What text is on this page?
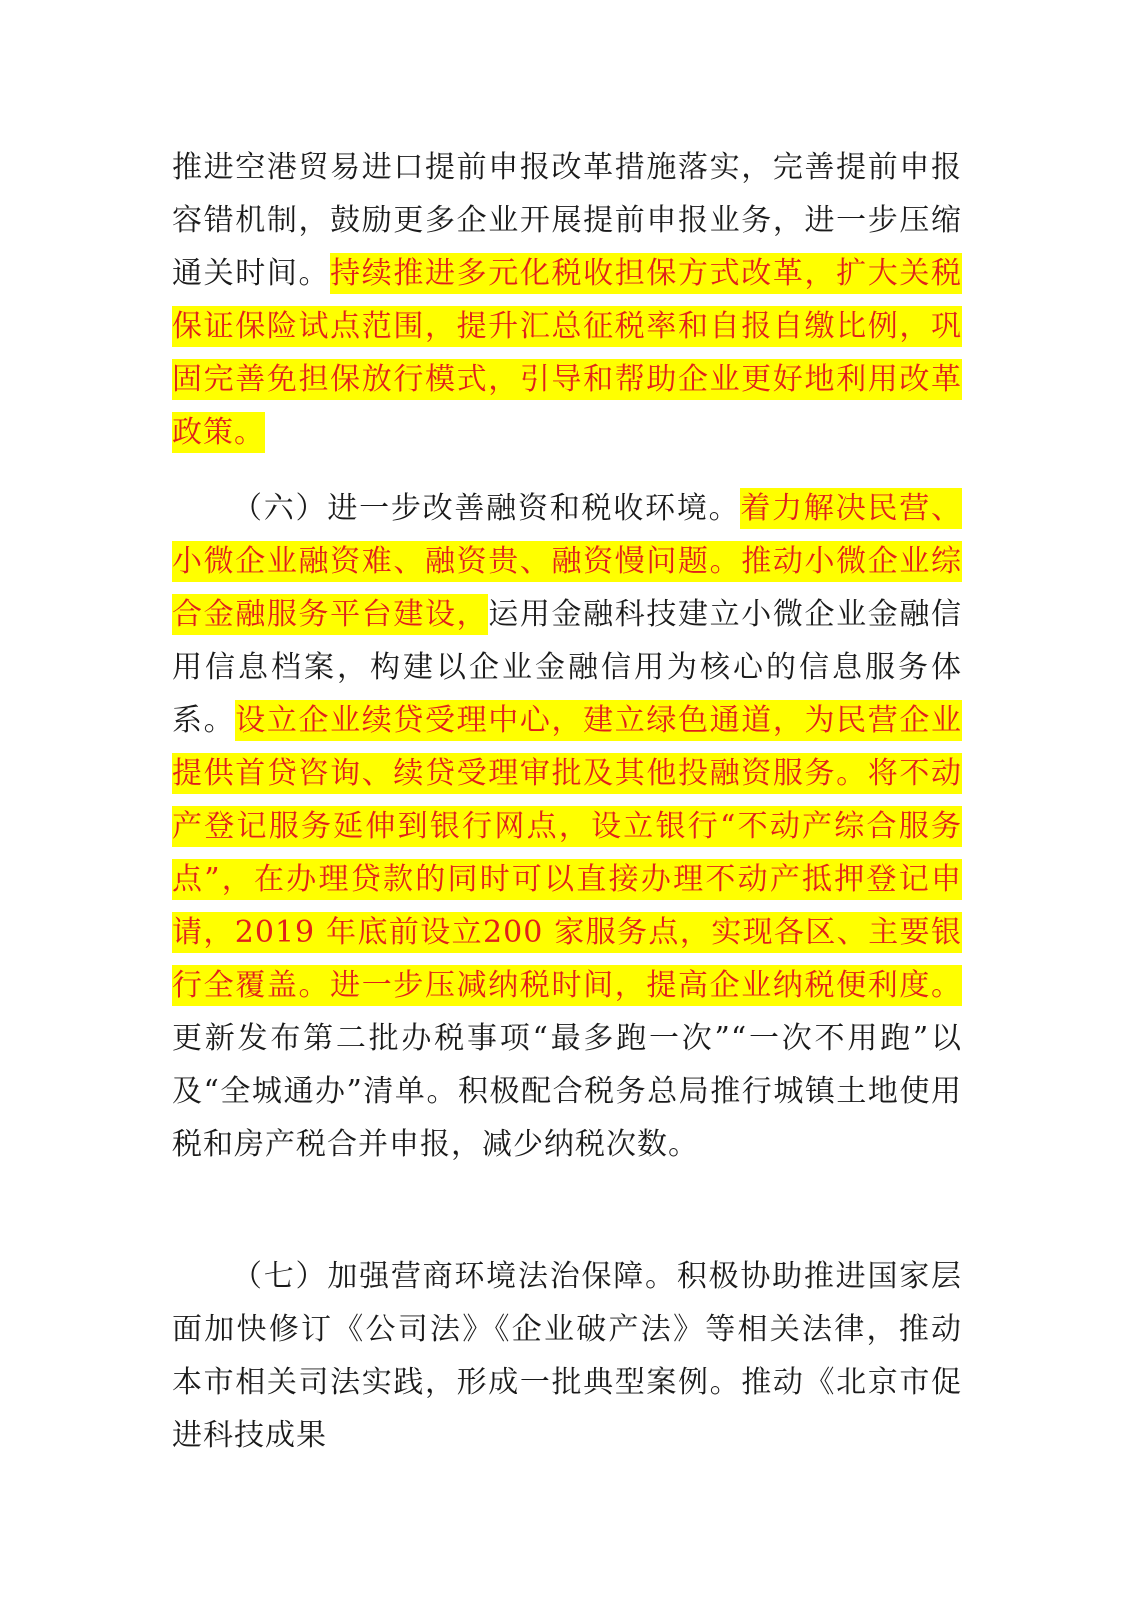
推进空港贸易进口提前申报改革措施落实，完善提前申报容错机制，鼓励更多企业开展提前申报业务，进一步压缩通关时间。持续推进多元化税收担保方式改革，扩大关税保证保险试点范围，提升汇总征税率和自报自缴比例，巩固完善免担保放行模式，引导和帮助企业更好地利用改革政策。

（六）进一步改善融资和税收环境。着力解决民营、小微企业融资难、融资贵、融资慢问题。推动小微企业综合金融服务平台建设，运用金融科技建立小微企业金融信用信息档案，构建以企业金融信用为核心的信息服务体系。设立企业续贷受理中心，建立绿色通道，为民营企业提供首贷咨询、续贷受理审批及其他投融资服务。将不动产登记服务延伸到银行网点，设立银行“不动产综合服务点”，在办理贷款的同时可以直接办理不动产抵押登记申请，2019 年底前设立200 家服务点，实现各区、主要银行全覆盖。进一步压减纳税时间，提高企业纳税便利度。更新发布第二批办税事项“最多跑一次”“一次不用跑”以及“全城通办”清单。积极配合税务总局推行城镇土地使用税和房产税合并申报，减少纳税次数。

（七）加强营商环境法治保障。积极协助推进国家层面加快修订《公司法》《企业破产法》等相关法律，推动本市相关司法实践，形成一批典型案例。推动《北京市促进科技成果
